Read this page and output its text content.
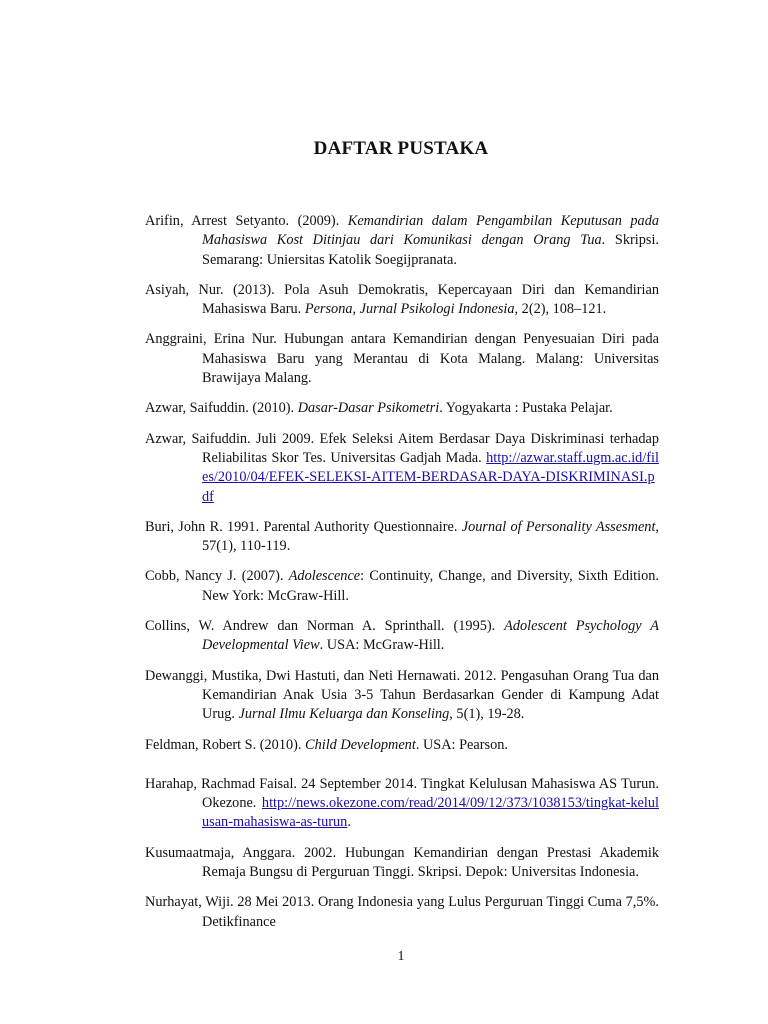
DAFTAR PUSTAKA

Arifin, Arrest Setyanto. (2009). Kemandirian dalam Pengambilan Keputusan pada Mahasiswa Kost Ditinjau dari Komunikasi dengan Orang Tua. Skripsi. Semarang: Uniersitas Katolik Soegijpranata.

Asiyah, Nur. (2013). Pola Asuh Demokratis, Kepercayaan Diri dan Kemandirian Mahasiswa Baru. Persona, Jurnal Psikologi Indonesia, 2(2), 108–121.

Anggraini, Erina Nur. Hubungan antara Kemandirian dengan Penyesuaian Diri pada Mahasiswa Baru yang Merantau di Kota Malang. Malang: Universitas Brawijaya Malang.

Azwar, Saifuddin. (2010). Dasar-Dasar Psikometri. Yogyakarta : Pustaka Pelajar.

Azwar, Saifuddin. Juli 2009. Efek Seleksi Aitem Berdasar Daya Diskriminasi terhadap Reliabilitas Skor Tes. Universitas Gadjah Mada. http://azwar.staff.ugm.ac.id/files/2010/04/EFEK-SELEKSI-AITEM-BERDASAR-DAYA-DISKRIMINASI.pdf

Buri, John R. 1991. Parental Authority Questionnaire. Journal of Personality Assesment, 57(1), 110-119.

Cobb, Nancy J. (2007). Adolescence: Continuity, Change, and Diversity, Sixth Edition. New York: McGraw-Hill.

Collins, W. Andrew dan Norman A. Sprinthall. (1995). Adolescent Psychology A Developmental View. USA: McGraw-Hill.

Dewanggi, Mustika, Dwi Hastuti, dan Neti Hernawati. 2012. Pengasuhan Orang Tua dan Kemandirian Anak Usia 3-5 Tahun Berdasarkan Gender di Kampung Adat Urug. Jurnal Ilmu Keluarga dan Konseling, 5(1), 19-28.

Feldman, Robert S. (2010). Child Development. USA: Pearson.

Harahap, Rachmad Faisal. 24 September 2014. Tingkat Kelulusan Mahasiswa AS Turun. Okezone. http://news.okezone.com/read/2014/09/12/373/1038153/tingkat-kelulusan-mahasiswa-as-turun.

Kusumaatmaja, Anggara. 2002. Hubungan Kemandirian dengan Prestasi Akademik Remaja Bungsu di Perguruan Tinggi. Skripsi. Depok: Universitas Indonesia.

Nurhayat, Wiji. 28 Mei 2013. Orang Indonesia yang Lulus Perguruan Tinggi Cuma 7,5%. Detikfinance

1
